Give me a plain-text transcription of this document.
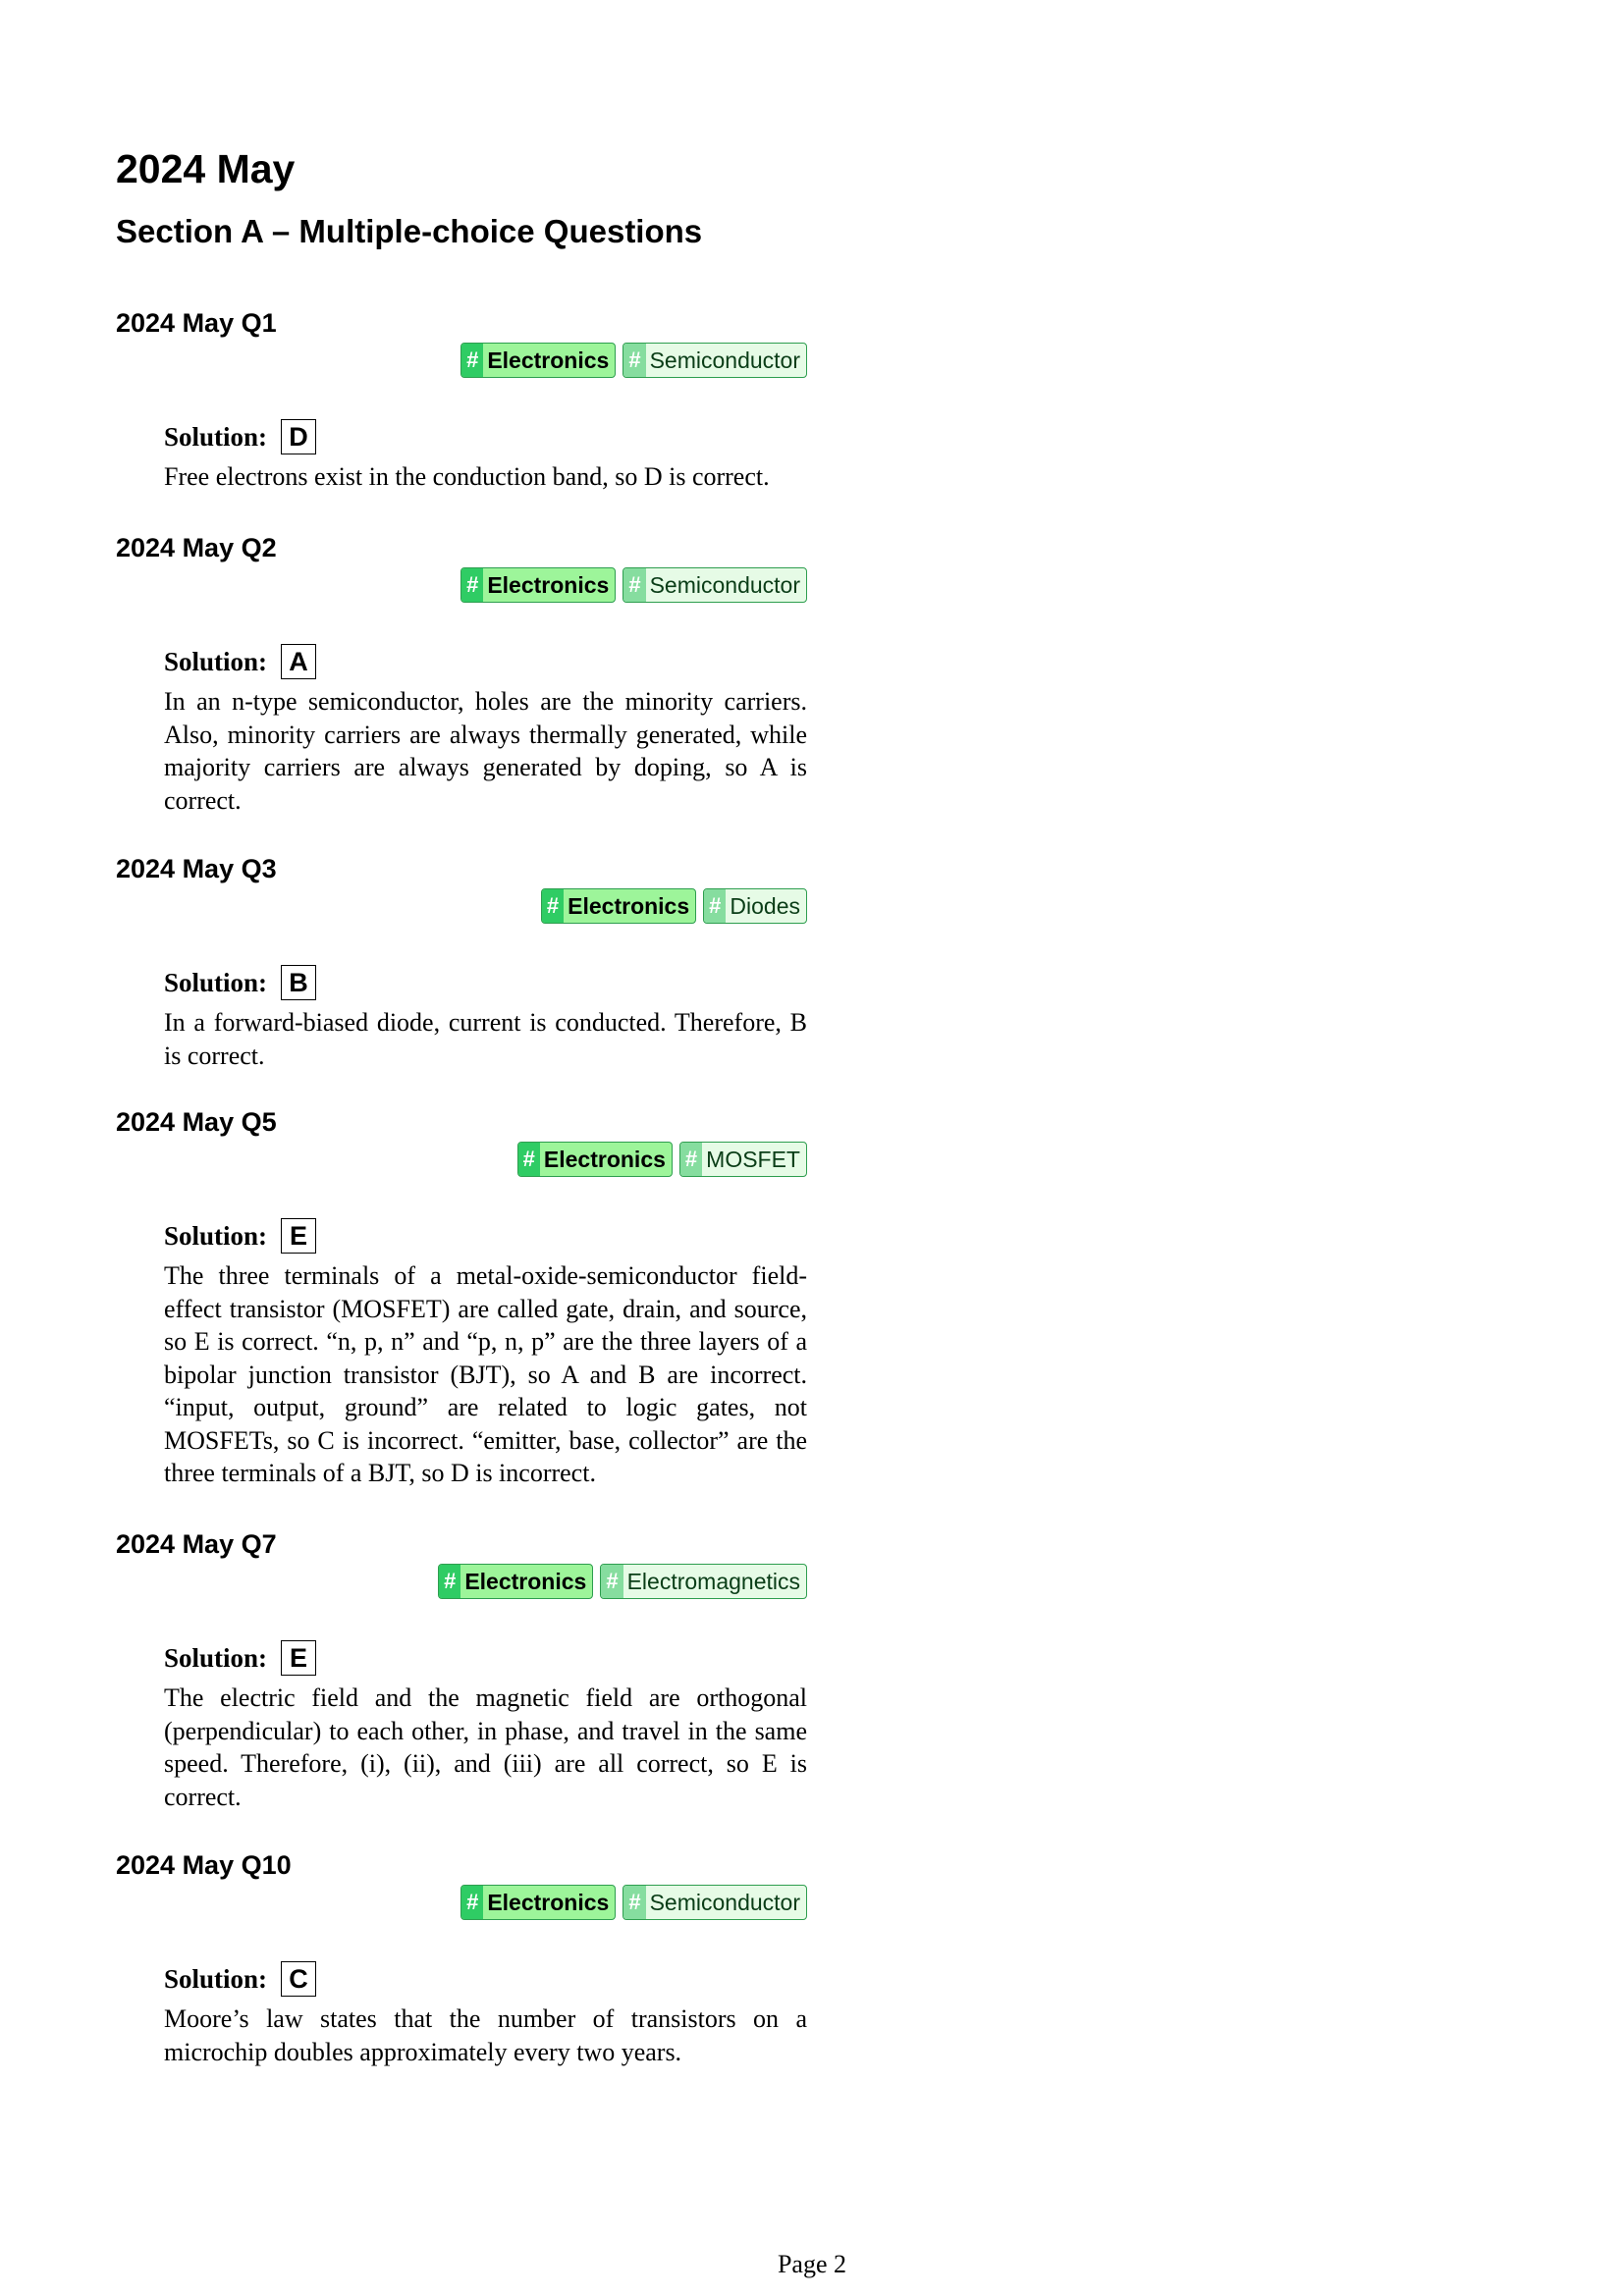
2024 May
Section A – Multiple-choice Questions
2024 May Q1
# Electronics # Semiconductor
Solution: D

Free electrons exist in the conduction band, so D is correct.

2024 May Q2
# Electronics # Semiconductor
Solution: A

In an n-type semiconductor, holes are the minority carriers. Also, minority carriers are always thermally generated, while majority carriers are always generated by doping, so A is correct.

2024 May Q3
# Electronics # Diodes
Solution: B

In a forward-biased diode, current is conducted. Therefore, B is correct.

2024 May Q5
# Electronics # MOSFET
Solution: E

The three terminals of a metal-oxide-semiconductor field-effect transistor (MOSFET) are called gate, drain, and source, so E is correct. “n, p, n” and “p, n, p” are the three layers of a bipolar junction transistor (BJT), so A and B are incorrect. “input, output, ground” are related to logic gates, not MOSFETs, so C is incorrect. “emitter, base, collector” are the three terminals of a BJT, so D is incorrect.

2024 May Q7
# Electronics # Electromagnetics
Solution: E

The electric field and the magnetic field are orthogonal (perpendicular) to each other, in phase, and travel in the same speed. Therefore, (i), (ii), and (iii) are all correct, so E is correct.

2024 May Q10
# Electronics # Semiconductor
Solution: C

Moore’s law states that the number of transistors on a microchip doubles approximately every two years.

Page 2
